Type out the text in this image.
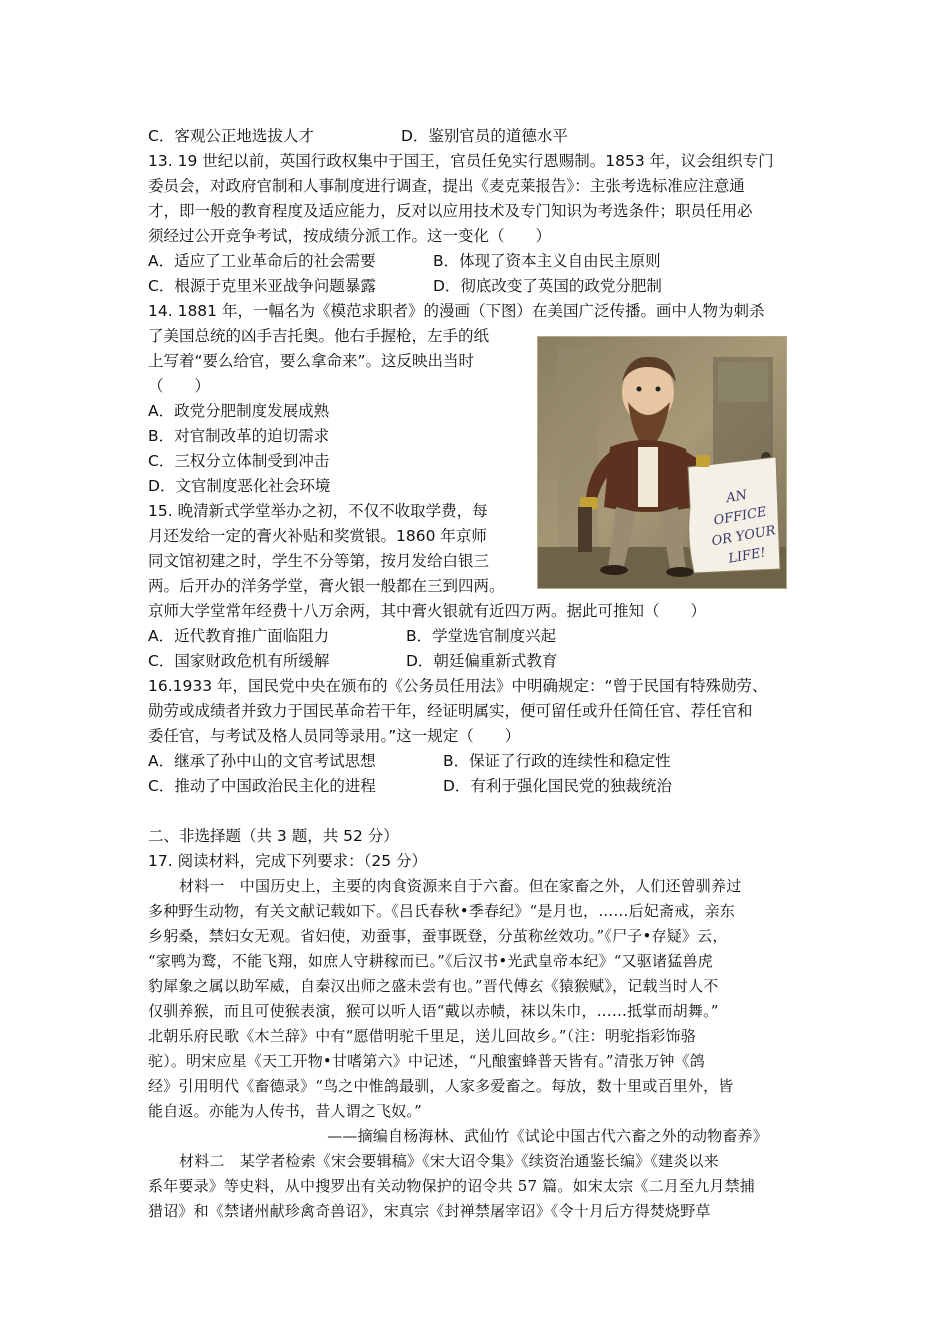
C．客观公正地选拔人才	D．鉴别官员的道德水平
13. 19 世纪以前，英国行政权集中于国王，官员任免实行恩赐制。1853 年，议会组织专门
委员会，对政府官制和人事制度进行调查，提出《麦克莱报告》：主张考选标准应注意通
才，即一般的教育程度及适应能力，反对以应用技术及专门知识为考选条件；职员任用必
须经过公开竞争考试，按成绩分派工作。这一变化（　　）
A．适应了工业革命后的社会需要	B．体现了资本主义自由民主原则
C．根源于克里米亚战争问题暴露	D．彻底改变了英国的政党分肥制
14. 1881 年，一幅名为《模范求职者》的漫画（下图）在美国广泛传播。画中人物为刺杀
了美国总统的凶手吉托奥。他右手握枪，左手的纸
上写着“要么给官，要么拿命来”。这反映出当时
（　　）
A．政党分肥制度发展成熟
B．对官制改革的迫切需求
C．三权分立体制受到冲击
D．文官制度恶化社会环境
AN OFFICE OR YOUR LIFE!
15. 晚清新式学堂举办之初，不仅不收取学费，每
月还发给一定的膏火补贴和奖赏银。1860 年京师
同文馆初建之时，学生不分等第，按月发给白银三
两。后开办的洋务学堂，膏火银一般都在三到四两。
京师大学堂常年经费十八万余两，其中膏火银就有近四万两。据此可推知（　　）
A．近代教育推广面临阻力	B．学堂选官制度兴起
C．国家财政危机有所缓解	D．朝廷偏重新式教育
16.1933 年，国民党中央在颁布的《公务员任用法》中明确规定：“曾于民国有特殊勋劳、
勋劳或成绩者并致力于国民革命若干年，经证明属实，便可留任或升任简任官、荐任官和
委任官，与考试及格人员同等录用。”这一规定（　　）
A．继承了孙中山的文官考试思想	B．保证了行政的连续性和稳定性
C．推动了中国政治民主化的进程	D．有利于强化国民党的独裁统治
二、非选择题（共 3 题，共 52 分）
17. 阅读材料，完成下列要求：（25 分）
材料一　中国历史上，主要的肉食资源来自于六畜。但在家畜之外，人们还曾驯养过
多种野生动物，有关文献记载如下。《吕氏春秋•季春纪》“是月也，……后妃斋戒，亲东
乡躬桑，禁妇女无观。省妇使，劝蚕事，蚕事既登，分茧称丝效功。”《尸子•存疑》云，
“家鸭为鹜，不能飞翔，如庶人守耕稼而已。”《后汉书•光武皇帝本纪》“又驱诸猛兽虎
豹犀象之属以助军威，自秦汉出师之盛未尝有也。”晋代傅玄《猿猴赋》，记载当时人不
仅驯养猴，而且可使猴表演，猴可以听人语“戴以赤帻，袜以朱巾，……抵掌而胡舞。”
北朝乐府民歌《木兰辞》中有“愿借明驼千里足，送儿回故乡。”（注：明驼指彩饰骆
驼）。明宋应星《天工开物•甘嗜第六》中记述，“凡酿蜜蜂普天皆有。”清张万钟《鸽
经》引用明代《畜德录》“鸟之中惟鸽最驯，人家多爱畜之。每放，数十里或百里外，皆
能自返。亦能为人传书，昔人谓之飞奴。”
——摘编自杨海林、武仙竹《试论中国古代六畜之外的动物畜养》
材料二　某学者检索《宋会要辑稿》《宋大诏令集》《续资治通鉴长编》《建炎以来
系年要录》等史料，从中搜罗出有关动物保护的诏令共 57 篇。如宋太宗《二月至九月禁捕
猎诏》和《禁诸州献珍禽奇兽诏》，宋真宗《封禅禁屠宰诏》《令十月后方得焚烧野草
